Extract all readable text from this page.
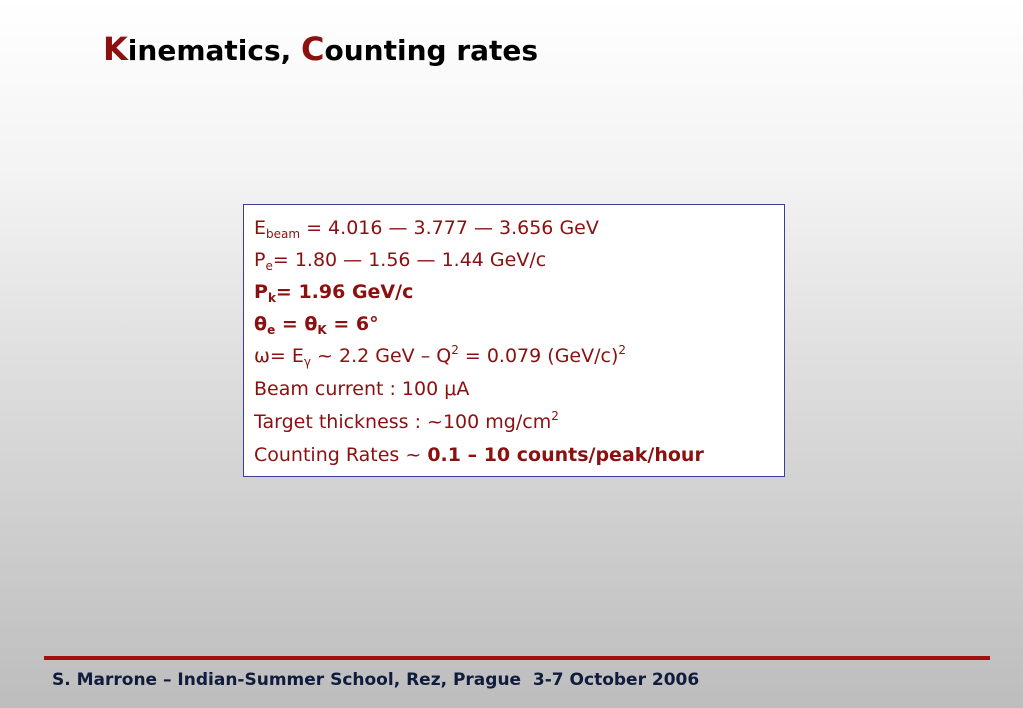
Kinematics, Counting rates
$E_{beam} = 4.016$ — 3.777 — 3.656 GeV
$P_e= 1.80$ — 1.56 — 1.44 GeV/c
$P_k= 1.96$ GeV/c
$\theta_e = \theta_K = 6^\circ$
$\omega= E_\gamma$ ~ 2.2 GeV – $Q^2 = 0.079$ $(GeV/c)^2$
Beam current : 100 μA
Target thickness : ~100 $mg/cm^2$
Counting Rates ~ 0.1 – 10 counts/peak/hour
S. Marrone – Indian-Summer School, Rez, Prague  3-7 October 2006
